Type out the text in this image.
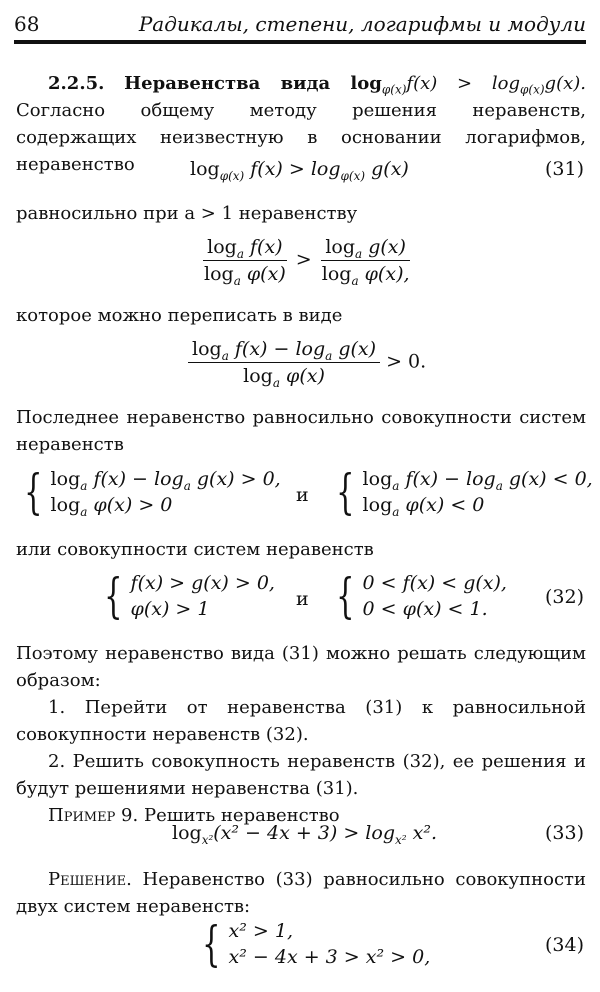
68	Радикалы, степени, логарифмы и модули
2.2.5. Неравенства вида $\log_{\varphi(x)}f(x) > \log_{\varphi(x)}g(x)$. Согласно общему методу решения неравенств, содержащих неизвестную в основании логарифмов, неравенство	$\log_{\varphi(x)} f(x) > \log_{\varphi(x)} g(x)$	(31)
равносильно при a > 1 неравенству
$\frac{\log_a f(x)}{\log_a \varphi(x)} > \frac{\log_a g(x)}{\log_a \varphi(x),}$
которое можно переписать в виде
$\frac{\log_a f(x) - \log_a g(x)}{\log_a \varphi(x)} > 0$.
Последнее неравенство равносильно совокупности систем неравенств
{ $\log_a f(x) - \log_a g(x) > 0$,
$\log_a \varphi(x) > 0$	и { $\log_a f(x) - \log_a g(x) < 0$,
$\log_a \varphi(x) < 0$
или совокупности систем неравенств
{ f(x) > g(x) > 0,
φ(x) > 1	и { 0 < f(x) < g(x),
0 < φ(x) < 1.
(32)
Поэтому неравенство вида (31) можно решать следующим образом:
1. Перейти от неравенства (31) к равносильной совокупности неравенств (32).
2. Решить совокупность неравенств (32), ее решения и будут решениями неравенства (31).
Пример 9. Решить неравенство
$\log_{x^2}(x^2 - 4x + 3) > \log_{x^2} x^2$.	(33)
Решение. Неравенство (33) равносильно совокупности двух систем неравенств:
{ x² > 1,
x² − 4x + 3 > x² > 0,
(34)
